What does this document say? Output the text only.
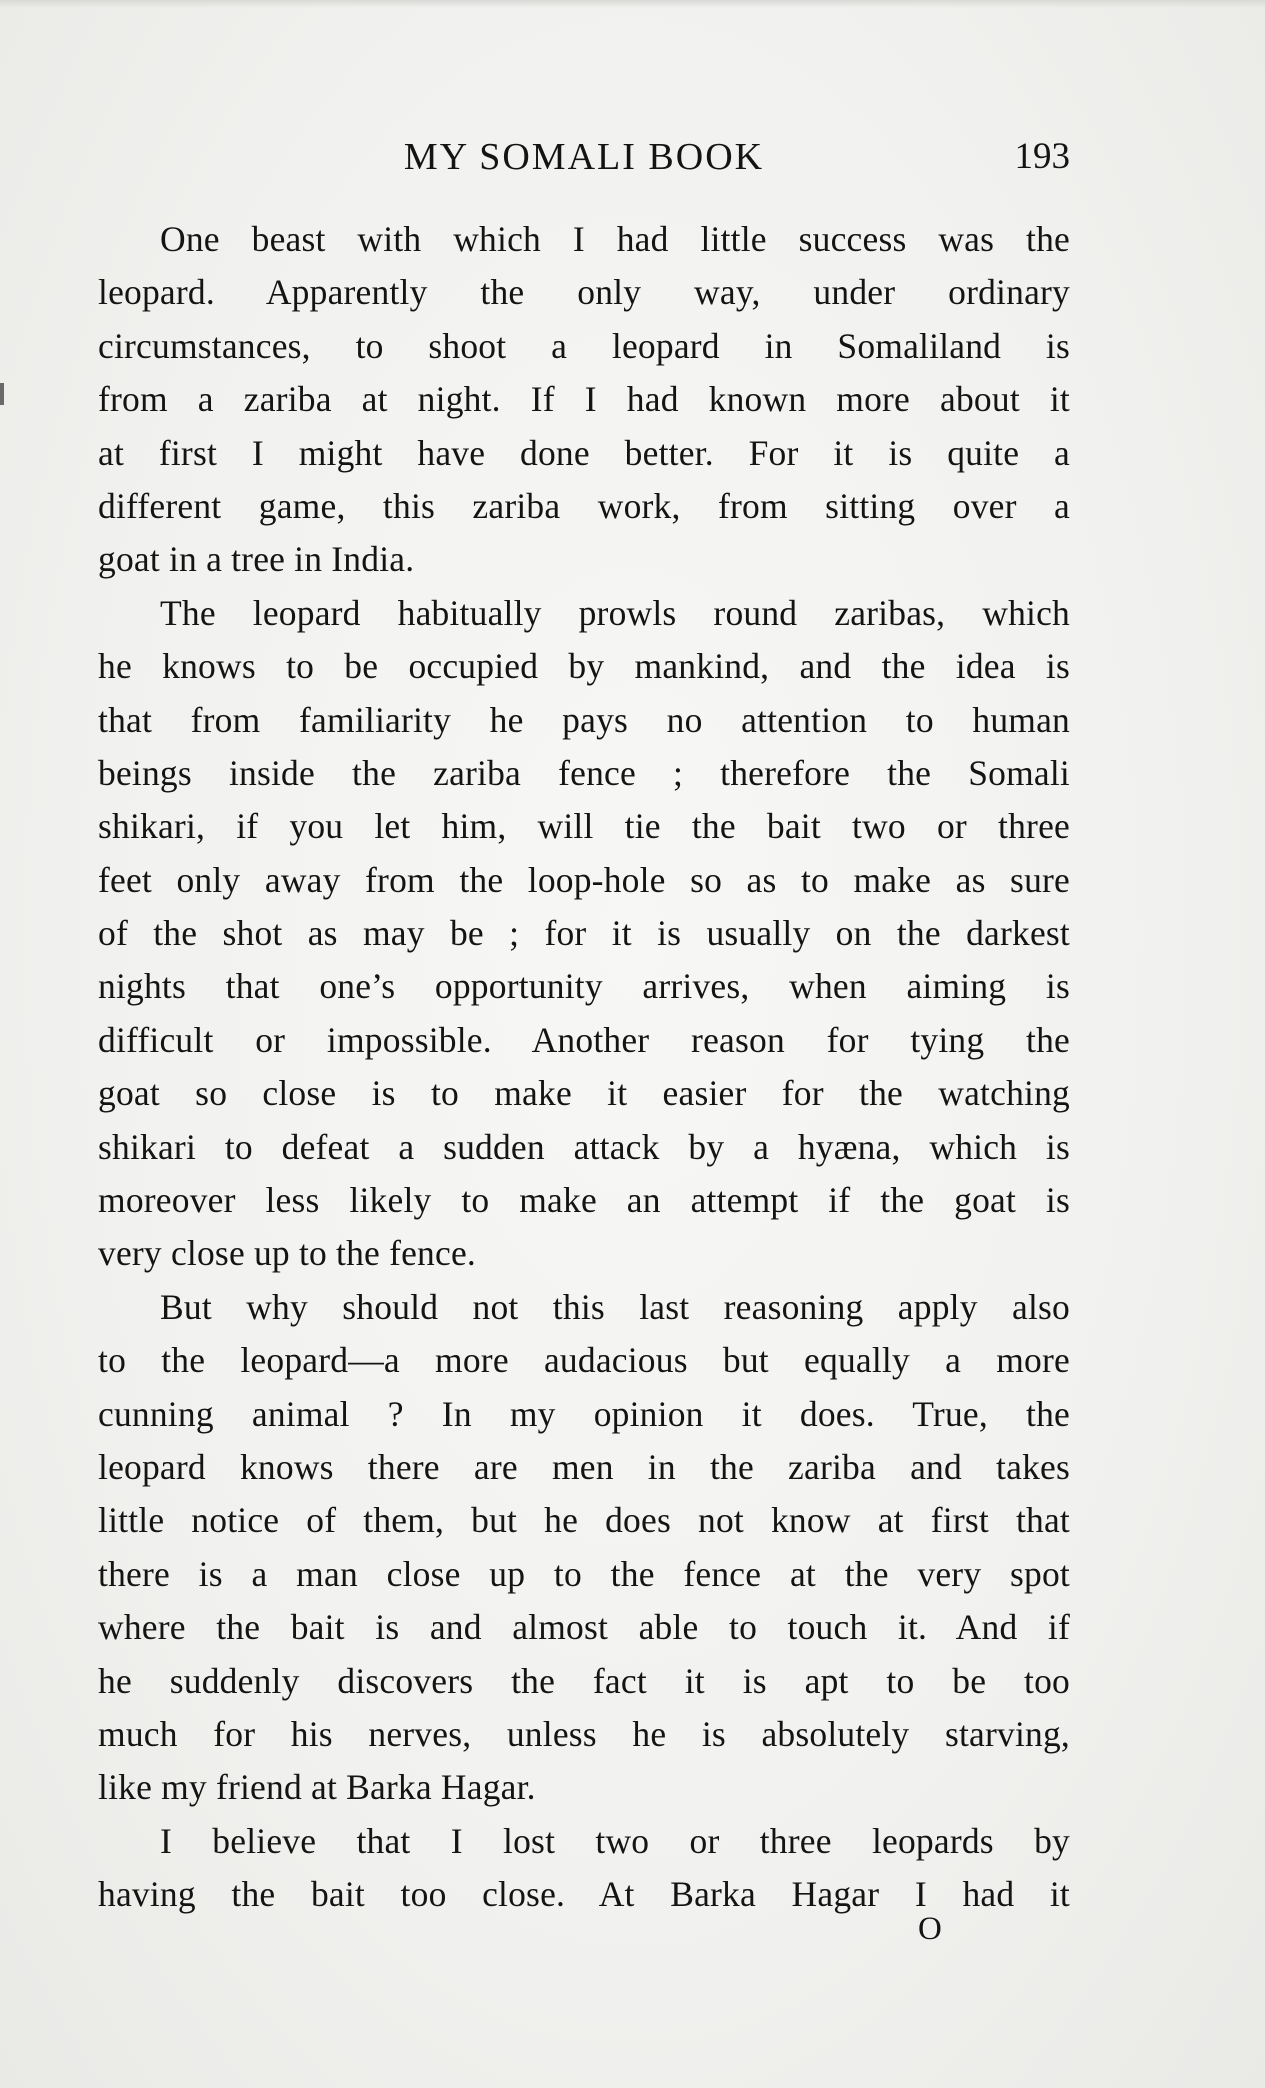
MY SOMALI BOOK	193
One beast with which I had little success was the
leopard. Apparently the only way, under ordinary
circumstances, to shoot a leopard in Somaliland is
from a zariba at night. If I had known more about it
at first I might have done better. For it is quite a
different game, this zariba work, from sitting over a
goat in a tree in India.
The leopard habitually prowls round zaribas, which
he knows to be occupied by mankind, and the idea is
that from familiarity he pays no attention to human
beings inside the zariba fence ; therefore the Somali
shikari, if you let him, will tie the bait two or three
feet only away from the loop-hole so as to make as sure
of the shot as may be ; for it is usually on the darkest
nights that one’s opportunity arrives, when aiming is
difficult or impossible. Another reason for tying the
goat so close is to make it easier for the watching
shikari to defeat a sudden attack by a hyæna, which is
moreover less likely to make an attempt if the goat is
very close up to the fence.
But why should not this last reasoning apply also
to the leopard—a more audacious but equally a more
cunning animal ? In my opinion it does. True, the
leopard knows there are men in the zariba and takes
little notice of them, but he does not know at first that
there is a man close up to the fence at the very spot
where the bait is and almost able to touch it. And if
he suddenly discovers the fact it is apt to be too
much for his nerves, unless he is absolutely starving,
like my friend at Barka Hagar.
I believe that I lost two or three leopards by
having the bait too close. At Barka Hagar I had it
O
